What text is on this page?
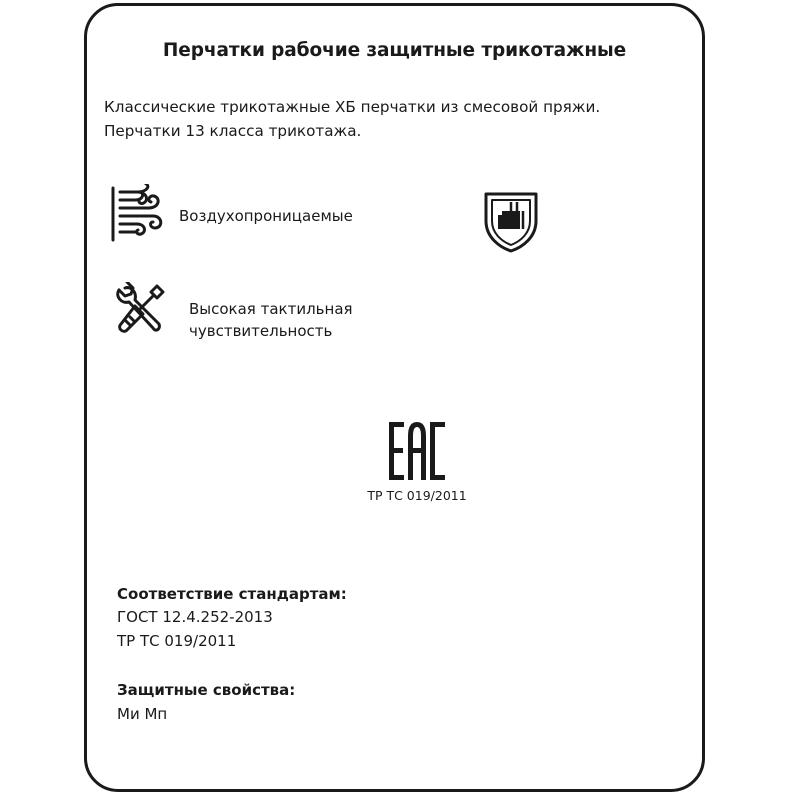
Перчатки рабочие защитные трикотажные

Классические трикотажные ХБ перчатки из смесовой пряжи.

Перчатки 13 класса трикотажа.

Воздухопроницаемые

Высокая тактильная

чувствительность

ТР ТС 019/2011
Соответствие стандартам:

ГОСТ 12.4.252-2013

ТР ТС 019/2011

Защитные свойства:

Ми Мп
